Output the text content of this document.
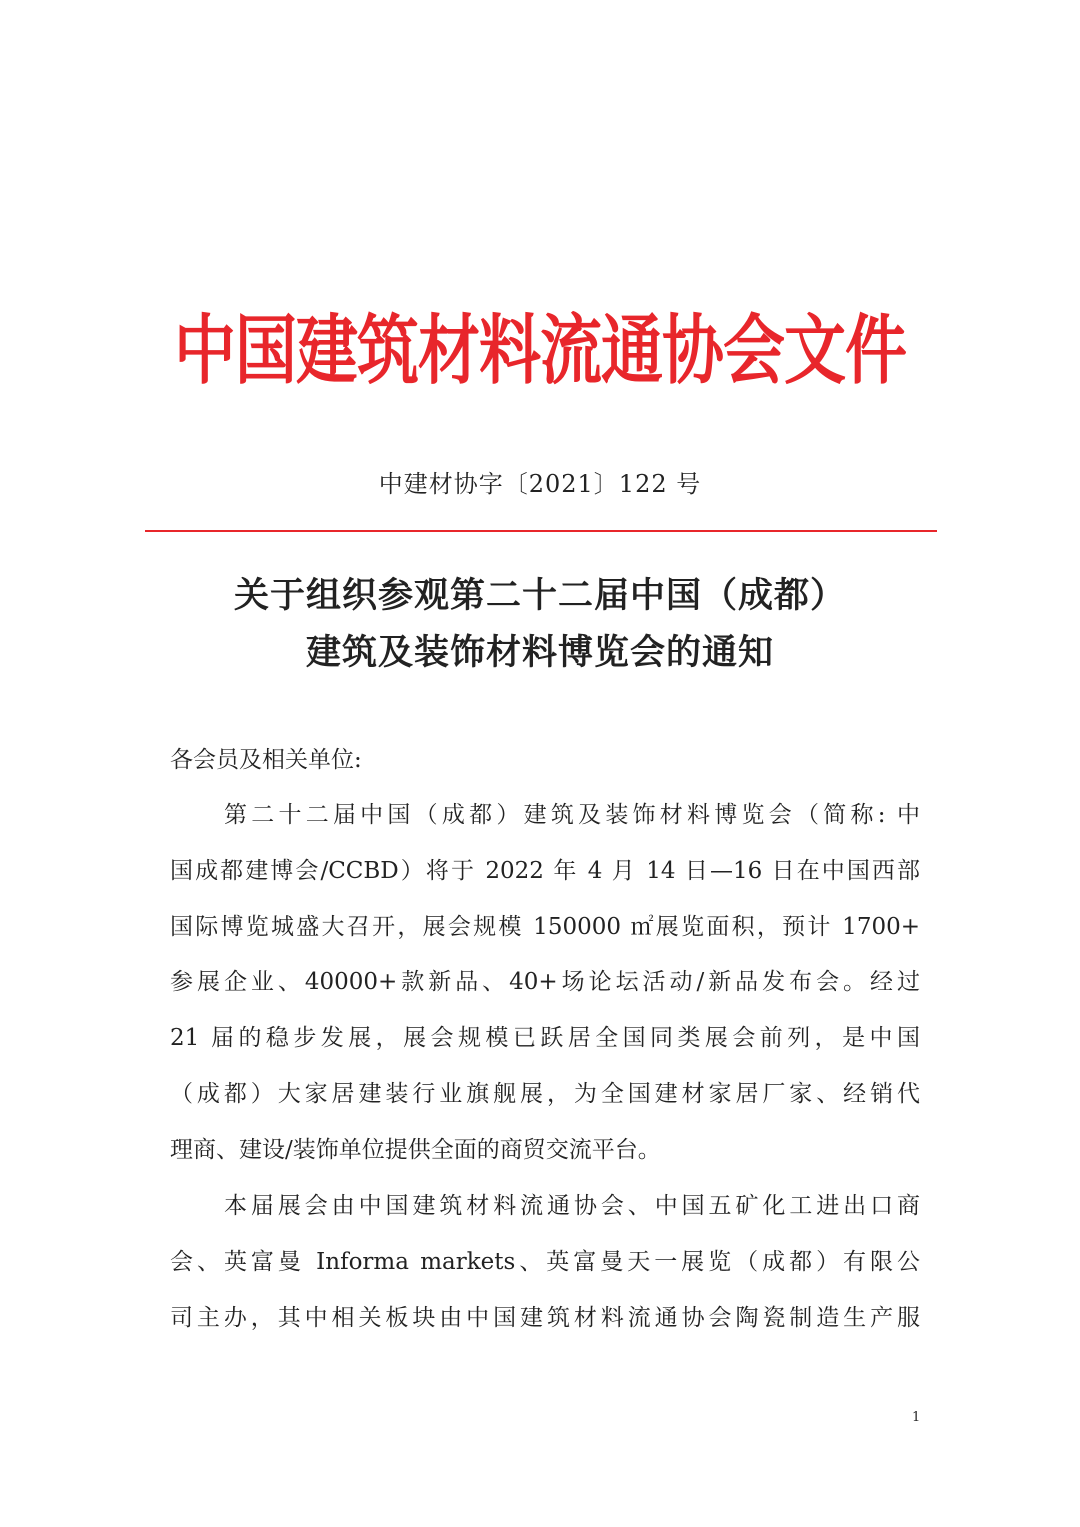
中国建筑材料流通协会文件
中建材协字〔2021〕122 号
关于组织参观第二十二届中国（成都）
建筑及装饰材料博览会的通知
各会员及相关单位:
第二十二届中国（成都）建筑及装饰材料博览会（简称: 中
国成都建博会/CCBD）将于 2022 年 4 月 14 日—16 日在中国西部
国际博览城盛大召开，展会规模 150000 ㎡展览面积，预计 1700+
参展企业、40000+款新品、40+场论坛活动/新品发布会。经过
21 届的稳步发展，展会规模已跃居全国同类展会前列，是中国
（成都）大家居建装行业旗舰展，为全国建材家居厂家、经销代
理商、建设/装饰单位提供全面的商贸交流平台。
本届展会由中国建筑材料流通协会、中国五矿化工进出口商
会、英富曼 Informa markets、英富曼天一展览（成都）有限公
司主办，其中相关板块由中国建筑材料流通协会陶瓷制造生产服
1
